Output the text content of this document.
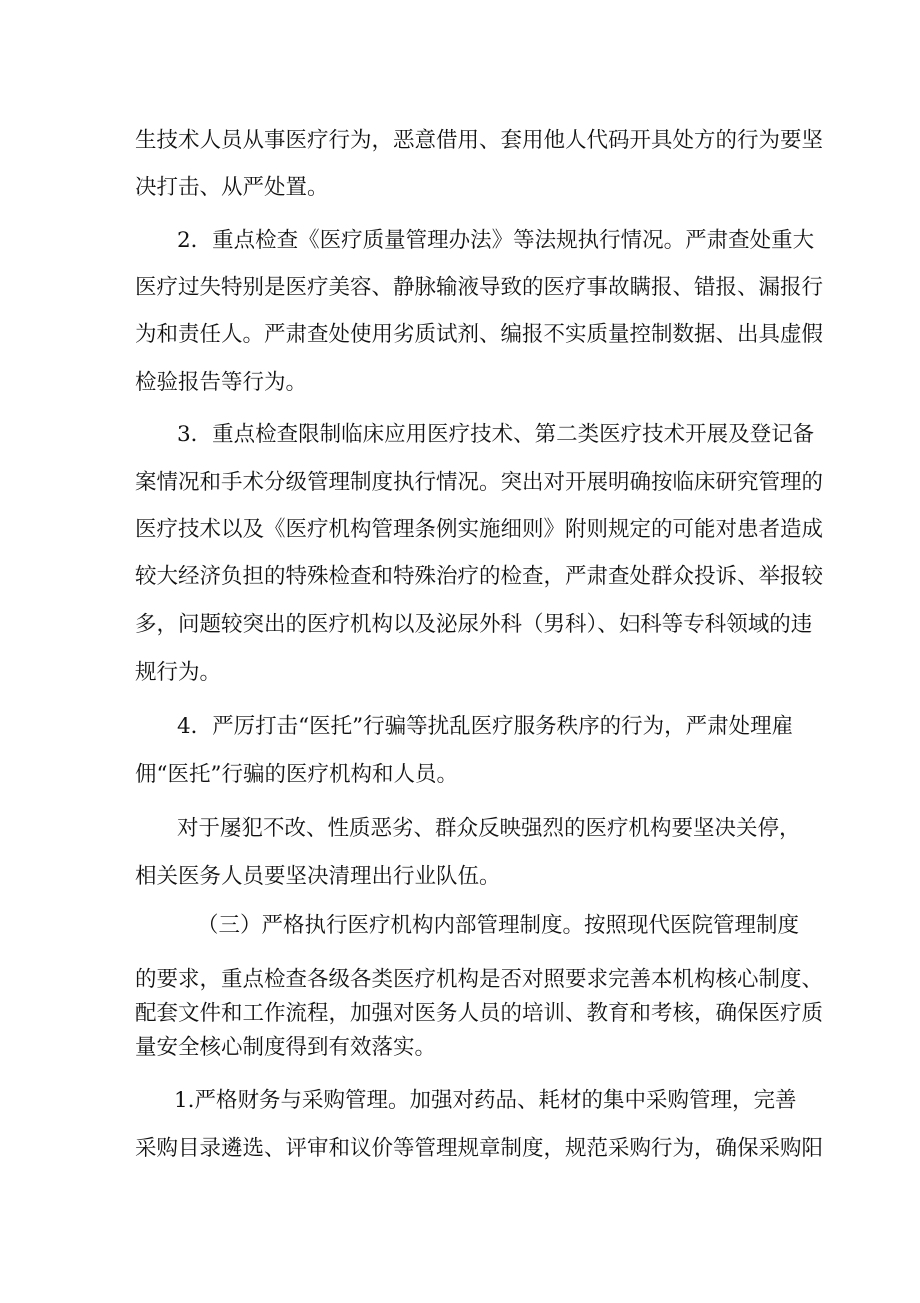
生技术人员从事医疗行为，恶意借用、套用他人代码开具处方的行为要坚

决打击、从严处置。

2．重点检查《医疗质量管理办法》等法规执行情况。严肃查处重大

医疗过失特别是医疗美容、静脉输液导致的医疗事故瞒报、错报、漏报行

为和责任人。严肃查处使用劣质试剂、编报不实质量控制数据、出具虚假

检验报告等行为。

3．重点检查限制临床应用医疗技术、第二类医疗技术开展及登记备

案情况和手术分级管理制度执行情况。突出对开展明确按临床研究管理的

医疗技术以及《医疗机构管理条例实施细则》附则规定的可能对患者造成

较大经济负担的特殊检查和特殊治疗的检查，严肃查处群众投诉、举报较

多，问题较突出的医疗机构以及泌尿外科（男科）、妇科等专科领域的违

规行为。

4．严厉打击“医托”行骗等扰乱医疗服务秩序的行为，严肃处理雇

佣“医托”行骗的医疗机构和人员。

对于屡犯不改、性质恶劣、群众反映强烈的医疗机构要坚决关停，

相关医务人员要坚决清理出行业队伍。

（三）严格执行医疗机构内部管理制度。按照现代医院管理制度

的要求，重点检查各级各类医疗机构是否对照要求完善本机构核心制度、

配套文件和工作流程，加强对医务人员的培训、教育和考核，确保医疗质

量安全核心制度得到有效落实。

1.严格财务与采购管理。加强对药品、耗材的集中采购管理，完善

采购目录遴选、评审和议价等管理规章制度，规范采购行为，确保采购阳
